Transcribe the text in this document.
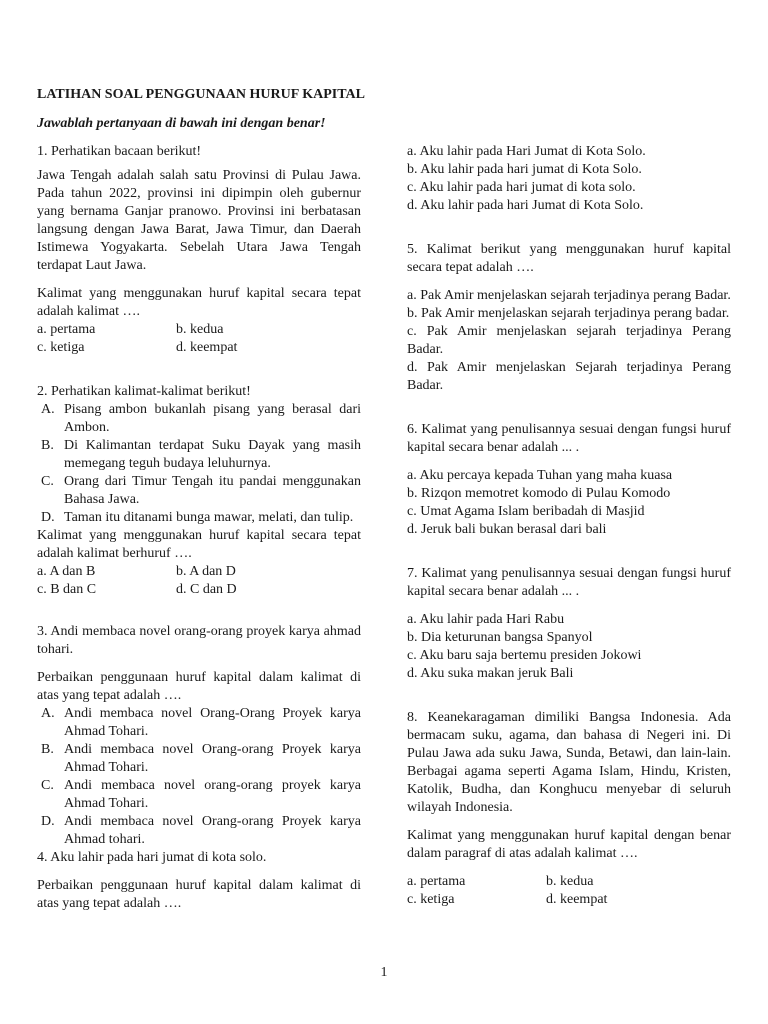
LATIHAN SOAL PENGGUNAAN HURUF KAPITAL

Jawablah pertanyaan di bawah ini dengan benar!

1. Perhatikan bacaan berikut!

Jawa Tengah adalah salah satu Provinsi di Pulau Jawa. Pada tahun 2022, provinsi ini dipimpin oleh gubernur yang bernama Ganjar pranowo. Provinsi ini berbatasan langsung dengan Jawa Barat, Jawa Timur, dan Daerah Istimewa Yogyakarta. Sebelah Utara Jawa Tengah terdapat Laut Jawa.

Kalimat yang menggunakan huruf kapital secara tepat adalah kalimat ….

a. pertama	b. kedua
c. ketiga	d. keempat

2. Perhatikan kalimat-kalimat berikut!

A. Pisang ambon bukanlah pisang yang berasal dari Ambon.
B. Di Kalimantan terdapat Suku Dayak yang masih memegang teguh budaya leluhurnya.
C. Orang dari Timur Tengah itu pandai menggunakan Bahasa Jawa.
D. Taman itu ditanami bunga mawar, melati, dan tulip.

Kalimat yang menggunakan huruf kapital secara tepat adalah kalimat berhuruf ….

a. A dan B	b. A dan D
c. B dan C	d. C dan D

3. Andi membaca novel orang-orang proyek karya ahmad tohari.

Perbaikan penggunaan huruf kapital dalam kalimat di atas yang tepat adalah ….

A. Andi membaca novel Orang-Orang Proyek karya Ahmad Tohari.
B. Andi membaca novel Orang-orang Proyek karya Ahmad Tohari.
C. Andi membaca novel orang-orang proyek karya Ahmad Tohari.
D. Andi membaca novel Orang-orang Proyek karya Ahmad tohari.

4. Aku lahir pada hari jumat di kota solo.

Perbaikan penggunaan huruf kapital dalam kalimat di atas yang tepat adalah ….

a. Aku lahir pada Hari Jumat di Kota Solo.

b. Aku lahir pada hari jumat di Kota Solo.

c. Aku lahir pada hari jumat di kota solo.

d. Aku lahir pada hari Jumat di Kota Solo.

5. Kalimat berikut yang menggunakan huruf kapital secara tepat adalah ….

a. Pak Amir menjelaskan sejarah terjadinya perang Badar.

b. Pak Amir menjelaskan sejarah terjadinya perang badar.

c. Pak Amir menjelaskan sejarah terjadinya Perang Badar.

d. Pak Amir menjelaskan Sejarah terjadinya Perang Badar.

6. Kalimat yang penulisannya sesuai dengan fungsi huruf kapital secara benar adalah ... .

a. Aku percaya kepada Tuhan yang maha kuasa

b. Rizqon memotret komodo di Pulau Komodo

c. Umat Agama Islam beribadah di Masjid

d. Jeruk bali bukan berasal dari bali

7. Kalimat yang penulisannya sesuai dengan fungsi huruf kapital secara benar adalah ... .

a. Aku lahir pada Hari Rabu

b. Dia keturunan bangsa Spanyol

c. Aku baru saja bertemu presiden Jokowi

d. Aku suka makan jeruk Bali

8. Keanekaragaman dimiliki Bangsa Indonesia. Ada bermacam suku, agama, dan bahasa di Negeri ini. Di Pulau Jawa ada suku Jawa, Sunda, Betawi, dan lain-lain. Berbagai agama seperti Agama Islam, Hindu, Kristen, Katolik, Budha, dan Konghucu menyebar di seluruh wilayah Indonesia.

Kalimat yang menggunakan huruf kapital dengan benar dalam paragraf di atas adalah kalimat ….

a. pertama	b. kedua
c. ketiga	d. keempat
1
